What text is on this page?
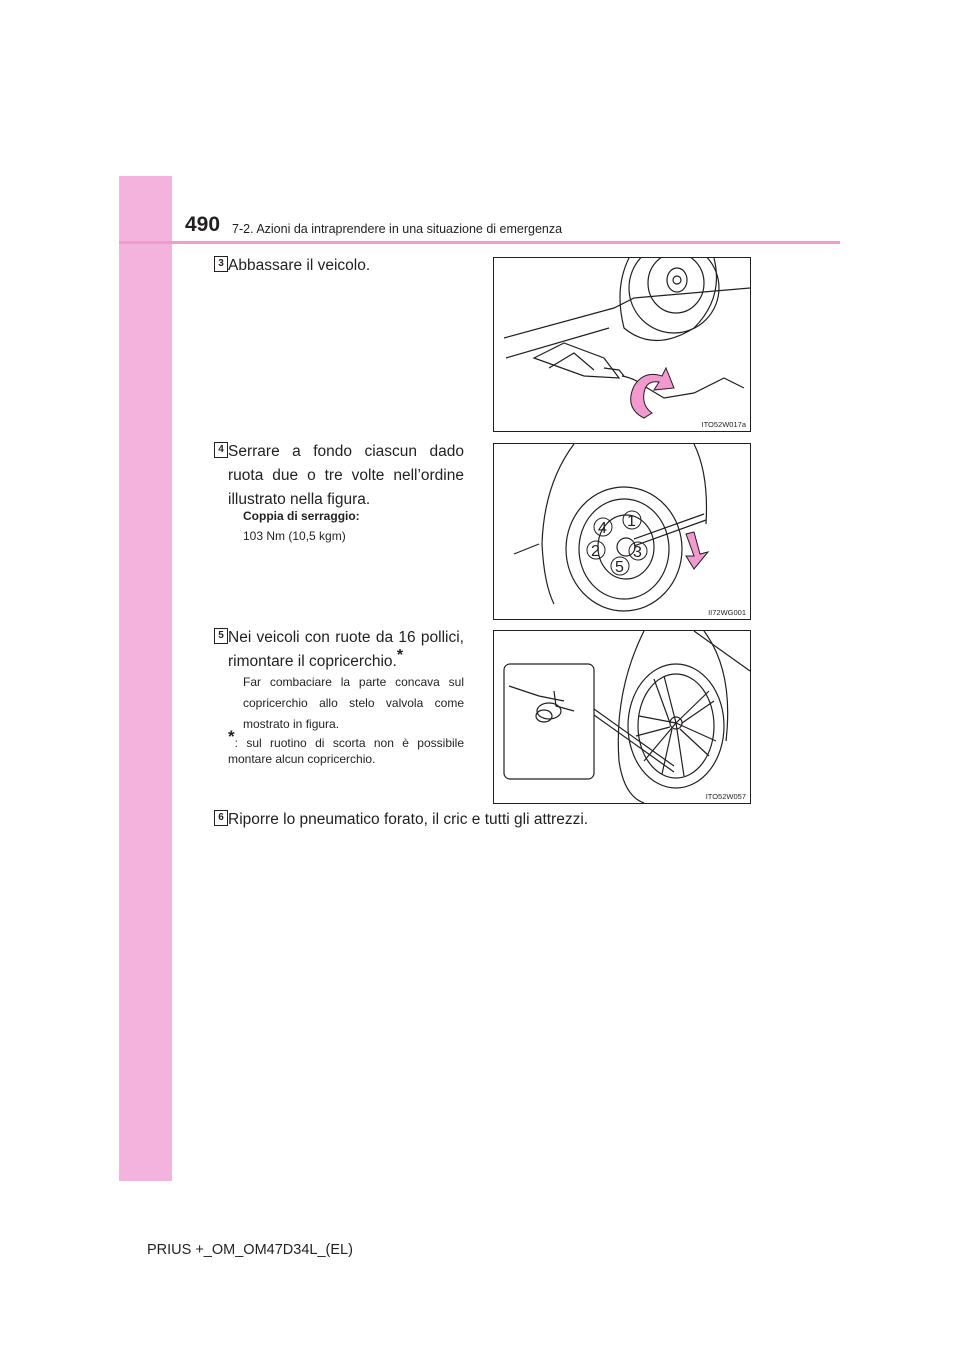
490 7-2. Azioni da intraprendere in una situazione di emergenza
3 Abbassare il veicolo.
ITO52W017a
4 Serrare a fondo ciascun dado ruota due o tre volte nell’ordine illustrato nella figura.
Coppia di serraggio:
103 Nm (10,5 kgm)
1
2 3
4
5
II72WG001
5 Nei veicoli con ruote da 16 pollici, rimontare il copricerchio.*
Far combaciare la parte concava sul copricerchio allo stelo valvola come mostrato in figura.
*: sul ruotino di scorta non è possibile montare alcun copricerchio.
ITO52W057
6 Riporre lo pneumatico forato, il cric e tutti gli attrezzi.
PRIUS +_OM_OM47D34L_(EL)
